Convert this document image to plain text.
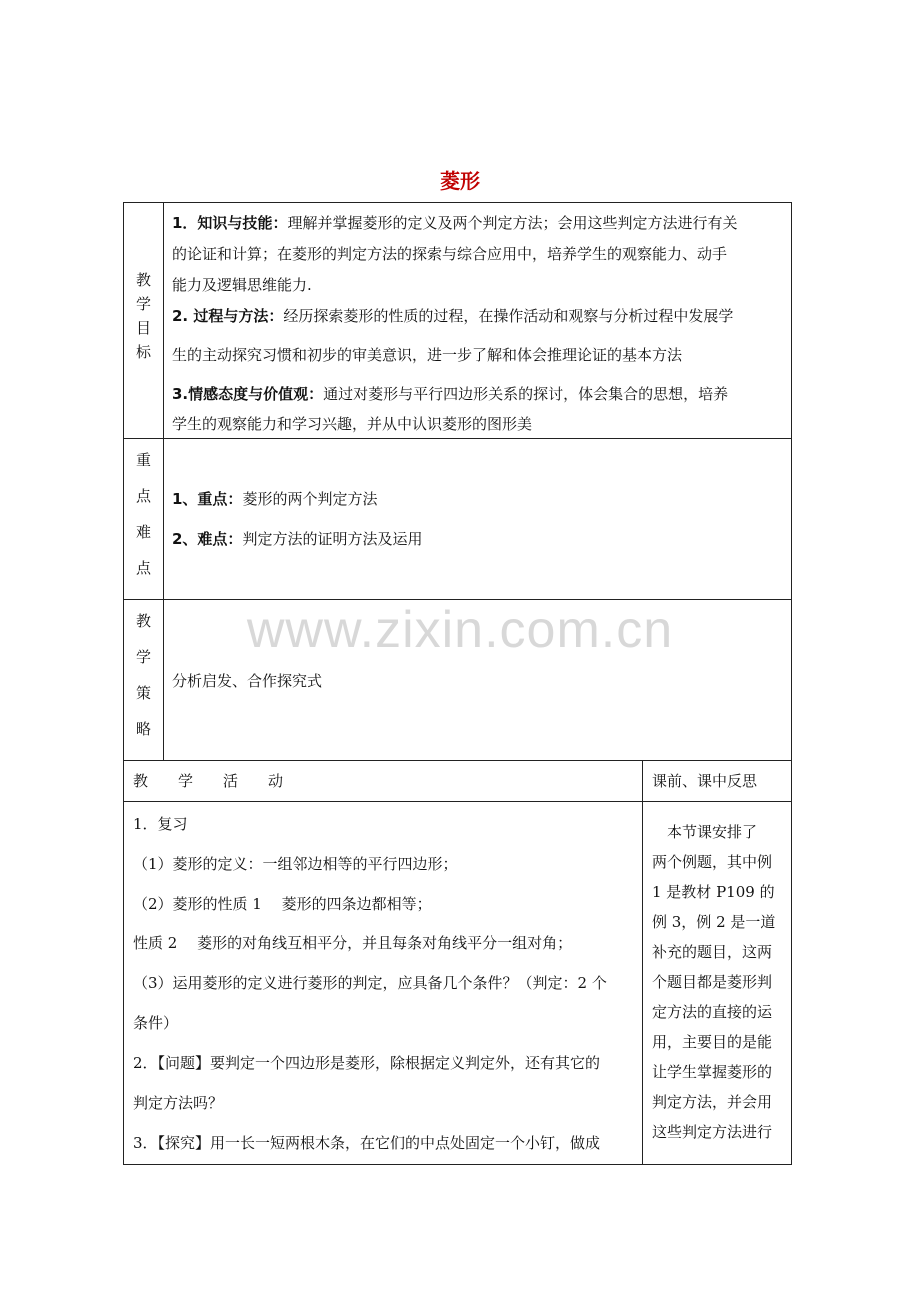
菱形
教
学
目
标
1．知识与技能：理解并掌握菱形的定义及两个判定方法；会用这些判定方法进行有关
的论证和计算；在菱形的判定方法的探索与综合应用中，培养学生的观察能力、动手
能力及逻辑思维能力.
2. 过程与方法：经历探索菱形的性质的过程，在操作活动和观察与分析过程中发展学
生的主动探究习惯和初步的审美意识，进一步了解和体会推理论证的基本方法
3.情感态度与价值观：通过对菱形与平行四边形关系的探讨，体会集合的思想，培养
学生的观察能力和学习兴趣，并从中认识菱形的图形美
重
点
难
点
1、重点：菱形的两个判定方法
2、难点：判定方法的证明方法及运用
教
学
策
略
分析启发、合作探究式
教　　学　　活　　动	课前、课中反思
1．复习
（1）菱形的定义：一组邻边相等的平行四边形；
（2）菱形的性质 1　 菱形的四条边都相等；
性质 2　 菱形的对角线互相平分，并且每条对角线平分一组对角；
（3）运用菱形的定义进行菱形的判定，应具备几个条件？（判定：2 个
条件）
2．【问题】要判定一个四边形是菱形，除根据定义判定外，还有其它的
判定方法吗？
3．【探究】用一长一短两根木条，在它们的中点处固定一个小钉，做成
　本节课安排了
两个例题，其中例
1 是教材 P109 的
例 3，例 2 是一道
补充的题目，这两
个题目都是菱形判
定方法的直接的运
用，主要目的是能
让学生掌握菱形的
判定方法，并会用
这些判定方法进行
www.zixin.com.cn
